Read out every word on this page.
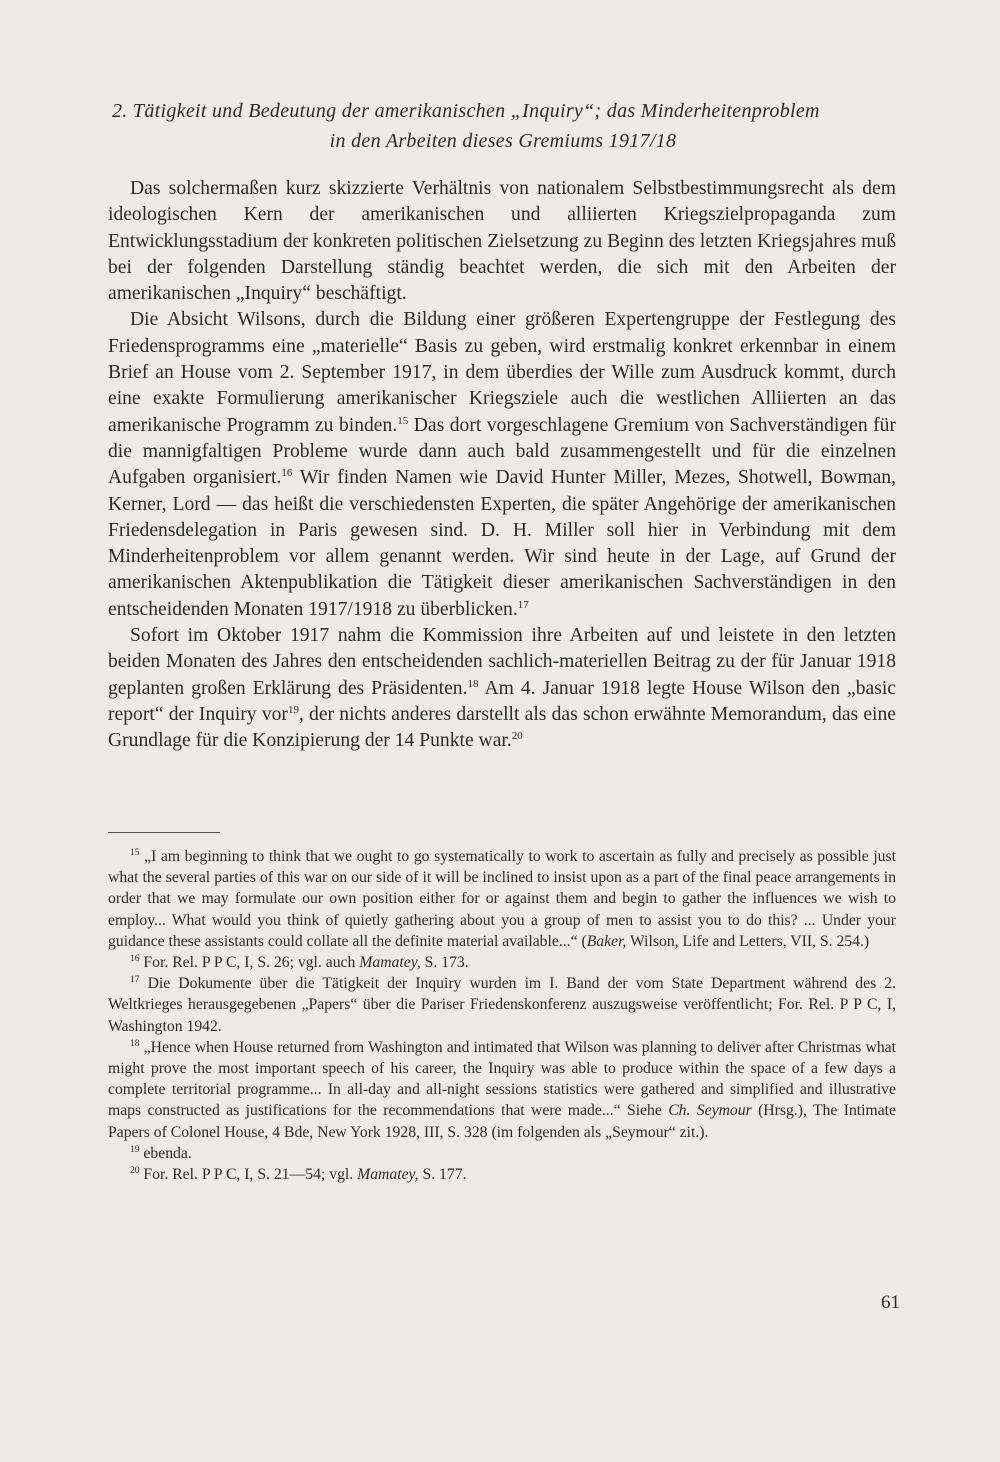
2. Tätigkeit und Bedeutung der amerikanischen „Inquiry“; das Minderheitenproblem
in den Arbeiten dieses Gremiums 1917/18

Das solchermaßen kurz skizzierte Verhältnis von nationalem Selbstbestimmungsrecht als dem ideologischen Kern der amerikanischen und alliierten Kriegszielpropaganda zum Entwicklungsstadium der konkreten politischen Zielsetzung zu Beginn des letzten Kriegsjahres muß bei der folgenden Darstellung ständig beachtet werden, die sich mit den Arbeiten der amerikanischen „Inquiry“ beschäftigt.

Die Absicht Wilsons, durch die Bildung einer größeren Expertengruppe der Festlegung des Friedensprogramms eine „materielle“ Basis zu geben, wird erstmalig konkret erkennbar in einem Brief an House vom 2. September 1917, in dem überdies der Wille zum Ausdruck kommt, durch eine exakte Formulierung amerikanischer Kriegsziele auch die westlichen Alliierten an das amerikanische Programm zu binden.$^{15}$ Das dort vorgeschlagene Gremium von Sachverständigen für die mannigfaltigen Probleme wurde dann auch bald zusammengestellt und für die einzelnen Aufgaben organisiert.$^{16}$ Wir finden Namen wie David Hunter Miller, Mezes, Shotwell, Bowman, Kerner, Lord — das heißt die verschiedensten Experten, die später Angehörige der amerikanischen Friedensdelegation in Paris gewesen sind. D. H. Miller soll hier in Verbindung mit dem Minderheitenproblem vor allem genannt werden. Wir sind heute in der Lage, auf Grund der amerikanischen Aktenpublikation die Tätigkeit dieser amerikanischen Sachverständigen in den entscheidenden Monaten 1917/1918 zu überblicken.$^{17}$

Sofort im Oktober 1917 nahm die Kommission ihre Arbeiten auf und leistete in den letzten beiden Monaten des Jahres den entscheidenden sachlich-materiellen Beitrag zu der für Januar 1918 geplanten großen Erklärung des Präsidenten.$^{18}$ Am 4. Januar 1918 legte House Wilson den „basic report“ der Inquiry vor$^{19}$, der nichts anderes darstellt als das schon erwähnte Memorandum, das eine Grundlage für die Konzipierung der 14 Punkte war.$^{20}$

$^{15}$ „I am beginning to think that we ought to go systematically to work to ascertain as fully and precisely as possible just what the several parties of this war on our side of it will be inclined to insist upon as a part of the final peace arrangements in order that we may formulate our own position either for or against them and begin to gather the influences we wish to employ... What would you think of quietly gathering about you a group of men to assist you to do this? ... Under your guidance these assistants could collate all the definite material available...“ (Baker, Wilson, Life and Letters, VII, S. 254.)

$^{16}$ For. Rel. P P C, I, S. 26; vgl. auch Mamatey, S. 173.

$^{17}$ Die Dokumente über die Tätigkeit der Inquiry wurden im I. Band der vom State Department während des 2. Weltkrieges herausgegebenen „Papers“ über die Pariser Friedenskonferenz auszugsweise veröffentlicht; For. Rel. P P C, I, Washington 1942.

$^{18}$ „Hence when House returned from Washington and intimated that Wilson was planning to deliver after Christmas what might prove the most important speech of his career, the Inquiry was able to produce within the space of a few days a complete territorial programme... In all-day and all-night sessions statistics were gathered and simplified and illustrative maps constructed as justifications for the recommendations that were made...“ Siehe Ch. Seymour (Hrsg.), The Intimate Papers of Colonel House, 4 Bde, New York 1928, III, S. 328 (im folgenden als „Seymour“ zit.).

$^{19}$ ebenda.

$^{20}$ For. Rel. P P C, I, S. 21—54; vgl. Mamatey, S. 177.

61
